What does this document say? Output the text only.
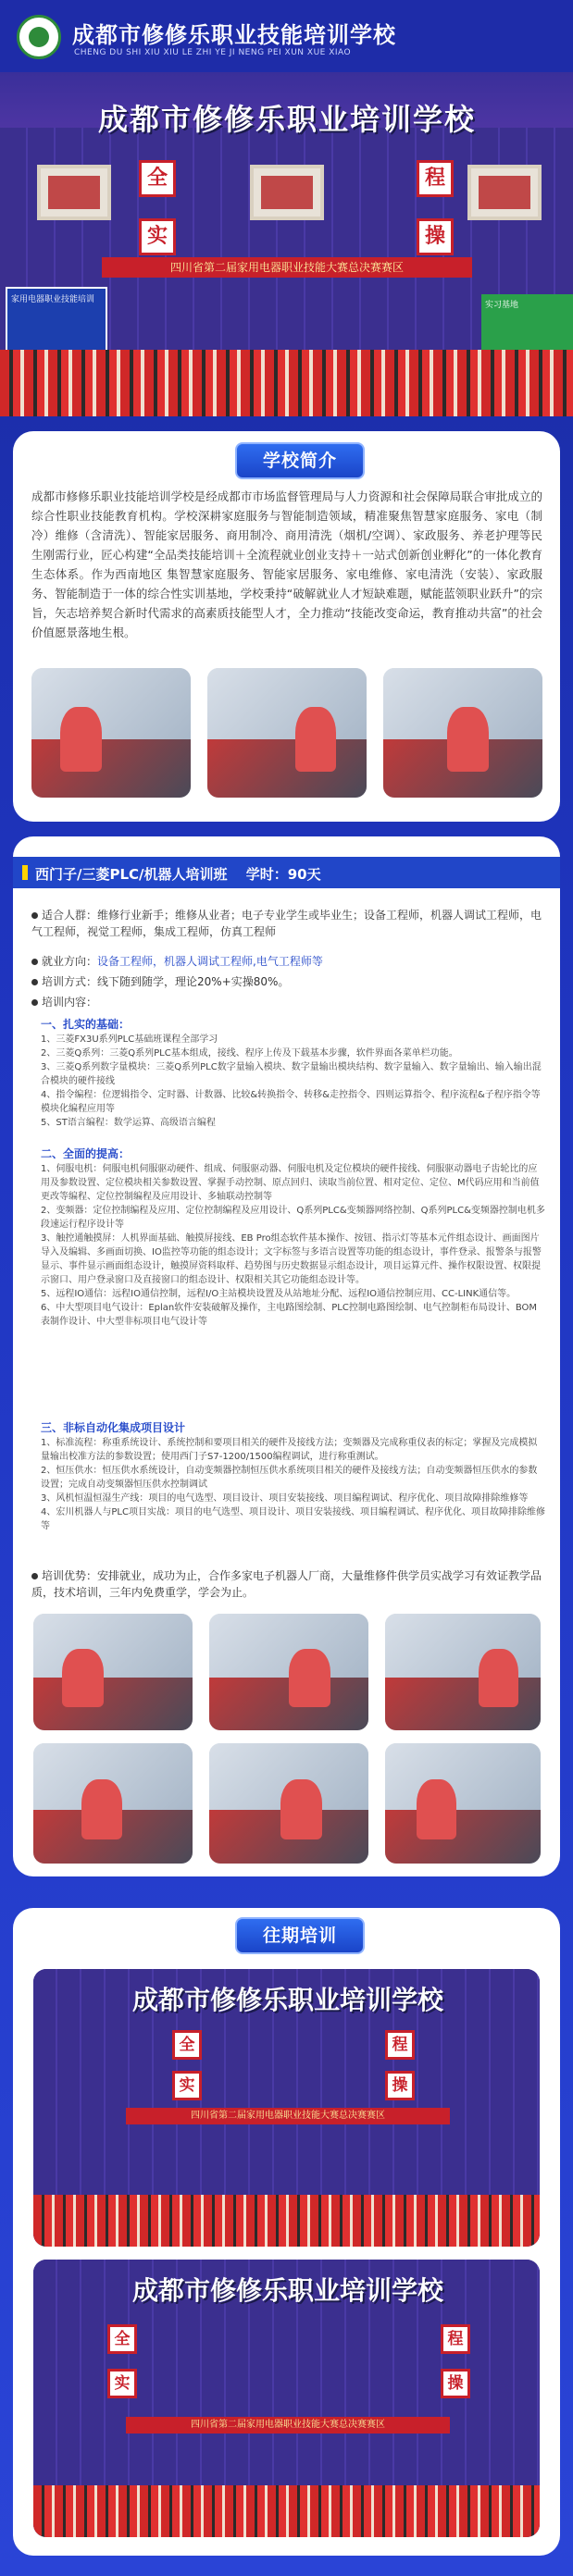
成都市修修乐职业技能培训学校
CHENG DU SHI XIU XIU LE ZHI YE JI NENG PEI XUN XUE XIAO
成都市修修乐职业培训学校
全	程
实	操
四川省第二届家用电器职业技能大赛总决赛赛区
家用电器职业技能培训
实习基地
学校简介
成都市修修乐职业技能培训学校是经成都市市场监督管理局与人力资源和社会保障局联合审批成立的综合性职业技能教育机构。学校深耕家庭服务与智能制造领域，精准聚焦智慧家庭服务、家电（制冷）维修（含清洗）、智能家居服务、商用制冷、商用清洗（烟机/空调）、家政服务、养老护理等民生刚需行业，匠心构建“全品类技能培训＋全流程就业创业支持＋一站式创新创业孵化”的一体化教育生态体系。作为西南地区 集智慧家庭服务、智能家居服务、家电维修、家电清洗（安装）、家政服务、智能制造于一体的综合性实训基地，学校秉持“破解就业人才短缺难题，赋能蓝领职业跃升”的宗旨，矢志培养契合新时代需求的高素质技能型人才，全力推动“技能改变命运，教育推动共富”的社会价值愿景落地生根。
西门子/三菱PLC/机器人培训班　 学时：90天
适合人群：维修行业新手；维修从业者；电子专业学生或毕业生；设备工程师，机器人调试工程师，电气工程师，视觉工程师，集成工程师，仿真工程师
就业方向：设备工程师，机器人调试工程师,电气工程师等
培训方式：线下随到随学，理论20%+实操80%。
培训内容：
一、扎实的基础：
1、三菱FX3U系列PLC基础班课程全部学习
2、三菱Q系列：三菱Q系列PLC基本组成，接线、程序上传及下载基本步骤，软件界面各菜单栏功能。
3、三菱Q系列数字量模块：三菱Q系列PLC数字量输入模块、数字量输出模块结构、数字量输入、数字量输出、输入输出混合模块的硬件接线
4、指令编程：位逻辑指令、定时器、计数器、比较&转换指令、转移&走控指令、四则运算指令、程序流程&子程序指令等模块化编程应用等
5、ST语言编程：数学运算、高级语言编程
二、全面的提高：
1、伺服电机：伺服电机伺服驱动硬件、组成、伺服驱动器、伺服电机及定位模块的硬件接线、伺服驱动器电子齿轮比的应用及参数设置、定位模块相关参数设置、掌握手动控制、原点回归、读取当前位置、相对定位、定位、M代码应用和当前值更改等编程、定位控制编程及应用设计、多轴联动控制等
2、变频器：定位控制编程及应用、定位控制编程及应用设计、Q系列PLC&变频器网络控制、Q系列PLC&变频器控制电机多段速运行程序设计等
3、触控通触摸屏：人机界面基础、触摸屏接线、EB Pro组态软件基本操作、按钮、指示灯等基本元件组态设计、画面图片导入及编辑、多画面切换、IO监控等功能的组态设计；文字标签与多语言设置等功能的组态设计，事件登录、报警条与报警显示、事件显示画面组态设计，触摸屏资料取样、趋势图与历史数据显示组态设计，项目运算元件、操作权限设置、权限提示窗口、用户登录窗口及直接窗口的组态设计、权限相关其它功能组态设计等。
5、远程IO通信：远程IO通信控制，远程I/O主站模块设置及从站地址分配、远程IO通信控制应用、CC-LINK通信等。
6、中大型项目电气设计：Eplan软件安装破解及操作，主电路图绘制、PLC控制电路图绘制、电气控制柜布局设计、BOM表制作设计、中大型非标项目电气设计等
三、非标自动化集成项目设计
1、标准流程：称重系统设计、系统控制和要项目相关的硬件及接线方法；变频器及完成称重仪表的标定；掌握及完成模拟量输出校准方法的参数设置；使用西门子S7-1200/1500编程调试，进行称重测试。
2、恒压供水：恒压供水系统设计，自动变频器控制恒压供水系统项目相关的硬件及接线方法；自动变频器恒压供水的参数设置；完成自动变频器恒压供水控制调试
3、风机恒温恒湿生产线：项目的电气选型、项目设计、项目安装接线、项目编程调试、程序优化、项目故障排除维修等
4、宏川机器人与PLC项目实战：项目的电气选型、项目设计、项目安装接线、项目编程调试、程序优化、项目故障排除维修等
培训优势：安排就业，成功为止，合作多家电子机器人厂商，大量维修件供学员实战学习有效证教学品质，技术培训，三年内免费重学，学会为止。
往期培训
成都市修修乐职业培训学校
全	程
实	操
四川省第二届家用电器职业技能大赛总决赛赛区
成都市修修乐职业培训学校
全	程
实	操
四川省第二届家用电器职业技能大赛总决赛赛区
